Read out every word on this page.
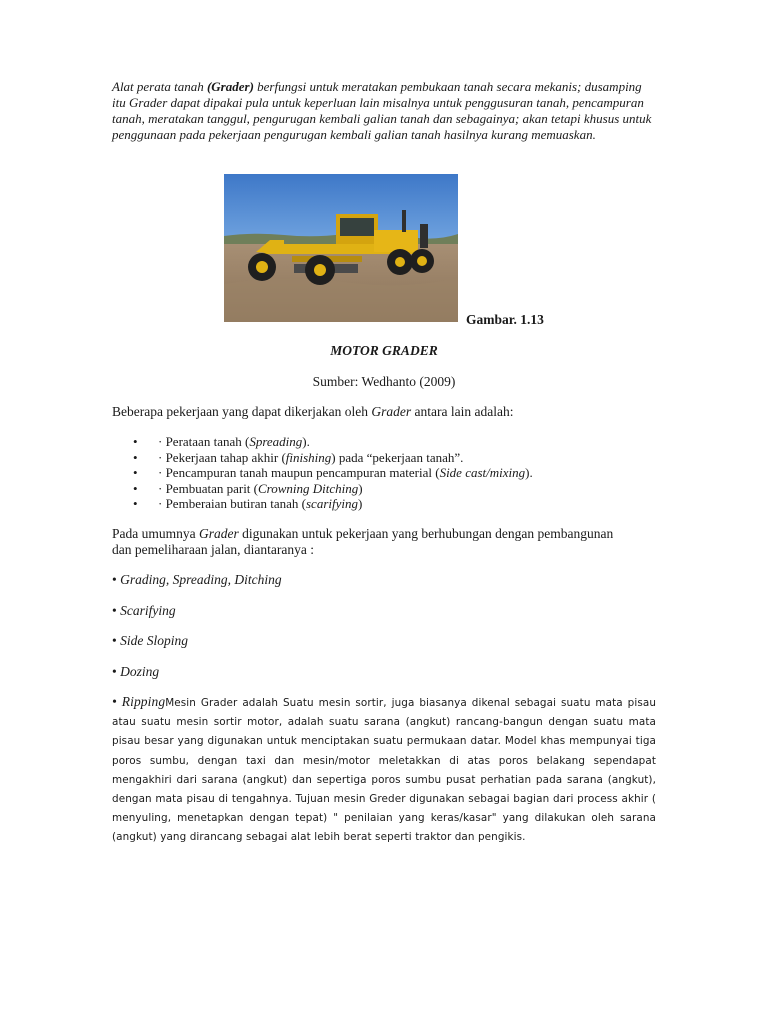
Alat perata tanah (Grader) berfungsi untuk meratakan pembukaan tanah secara mekanis; dusamping itu Grader dapat dipakai pula untuk keperluan lain misalnya untuk penggusuran tanah, pencampuran tanah, meratakan tanggul, pengurugan kembali galian tanah dan sebagainya; akan tetapi khusus untuk penggunaan pada pekerjaan pengurugan kembali galian tanah hasilnya kurang memuaskan.
Gambar. 1.13
MOTOR GRADER
Sumber: Wedhanto (2009)
Beberapa pekerjaan yang dapat dikerjakan oleh Grader antara lain adalah:
• · Perataan tanah (Spreading).
• · Pekerjaan tahap akhir (finishing) pada “pekerjaan tanah”.
• · Pencampuran tanah maupun pencampuran material (Side cast/mixing).
• · Pembuatan parit (Crowning Ditching)
• · Pemberaian butiran tanah (scarifying)
Pada umumnya Grader digunakan untuk pekerjaan yang berhubungan dengan pembangunan dan pemeliharaan jalan, diantaranya :
• Grading, Spreading, Ditching
• Scarifying
• Side Sloping
• Dozing
• RippingMesin Grader adalah Suatu mesin sortir, juga biasanya dikenal sebagai suatu mata pisau atau suatu mesin sortir motor, adalah suatu sarana (angkut) rancang-bangun dengan suatu mata pisau besar yang digunakan untuk menciptakan suatu permukaan datar. Model khas mempunyai tiga poros sumbu, dengan taxi dan mesin/motor meletakkan di atas poros belakang sependapat mengakhiri dari sarana (angkut) dan sepertiga poros sumbu pusat perhatian pada sarana (angkut), dengan mata pisau di tengahnya. Tujuan mesin Greder digunakan sebagai bagian dari process akhir ( menyuling, menetapkan dengan tepat) " penilaian yang keras/kasar" yang dilakukan oleh sarana (angkut) yang dirancang sebagai alat lebih berat seperti traktor dan pengikis.
